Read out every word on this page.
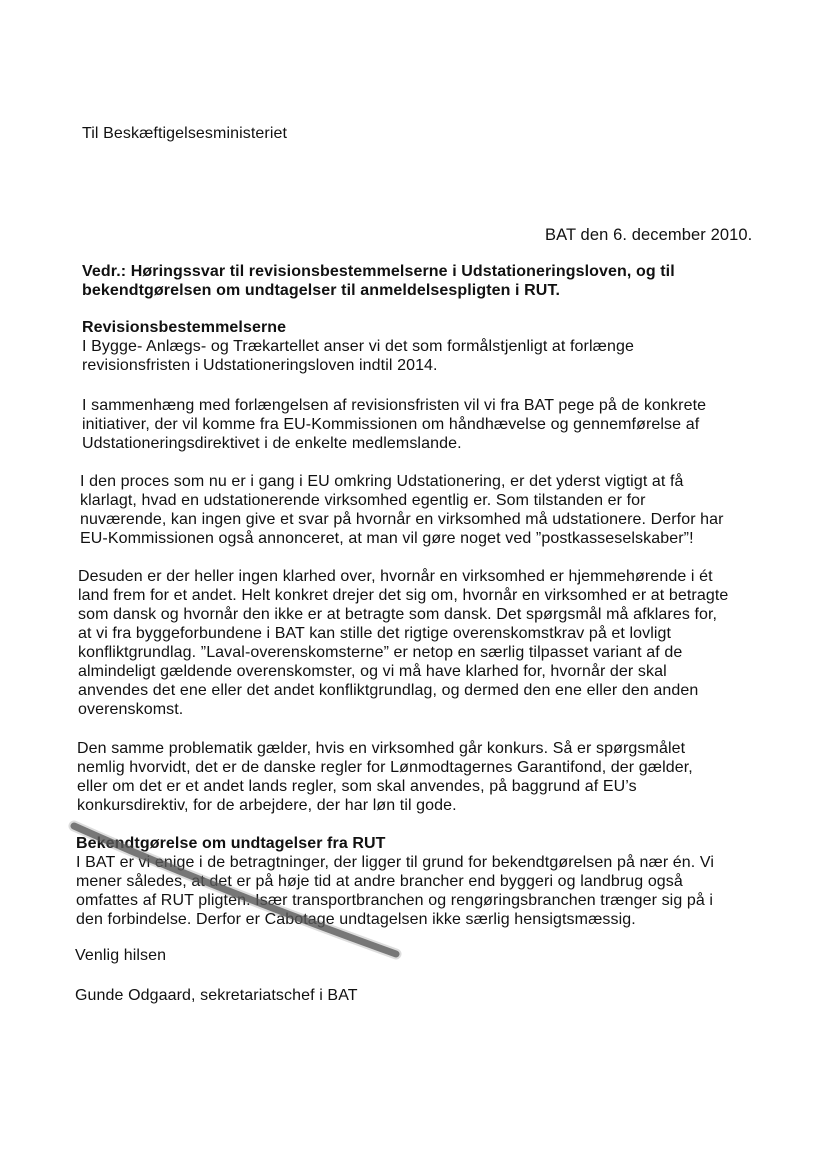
Til Beskæftigelsesministeriet
BAT den 6. december 2010.
Vedr.: Høringssvar til revisionsbestemmelserne i Udstationeringsloven, og til
bekendtgørelsen om undtagelser til anmeldelsespligten i RUT.
Revisionsbestemmelserne
I Bygge- Anlægs- og Trækartellet anser vi det som formålstjenligt at forlænge
revisionsfristen i Udstationeringsloven indtil 2014.
I sammenhæng med forlængelsen af revisionsfristen vil vi fra BAT pege på de konkrete
initiativer, der vil komme fra EU-Kommissionen om håndhævelse og gennemførelse af
Udstationeringsdirektivet i de enkelte medlemslande.
I den proces som nu er i gang i EU omkring Udstationering, er det yderst vigtigt at få
klarlagt, hvad en udstationerende virksomhed egentlig er. Som tilstanden er for
nuværende, kan ingen give et svar på hvornår en virksomhed må udstationere. Derfor har
EU-Kommissionen også annonceret, at man vil gøre noget ved ”postkasseselskaber”!
Desuden er der heller ingen klarhed over, hvornår en virksomhed er hjemmehørende i ét
land frem for et andet. Helt konkret drejer det sig om, hvornår en virksomhed er at betragte
som dansk og hvornår den ikke er at betragte som dansk. Det spørgsmål må afklares for,
at vi fra byggeforbundene i BAT kan stille det rigtige overenskomstkrav på et lovligt
konfliktgrundlag. ”Laval-overenskomsterne” er netop en særlig tilpasset variant af de
almindeligt gældende overenskomster, og vi må have klarhed for, hvornår der skal
anvendes det ene eller det andet konfliktgrundlag, og dermed den ene eller den anden
overenskomst.
Den samme problematik gælder, hvis en virksomhed går konkurs. Så er spørgsmålet
nemlig hvorvidt, det er de danske regler for Lønmodtagernes Garantifond, der gælder,
eller om det er et andet lands regler, som skal anvendes, på baggrund af EU’s
konkursdirektiv, for de arbejdere, der har løn til gode.
Bekendtgørelse om undtagelser fra RUT
I BAT er vi enige i de betragtninger, der ligger til grund for bekendtgørelsen på nær én. Vi
mener således, at det er på høje tid at andre brancher end byggeri og landbrug også
omfattes af RUT pligten. Især transportbranchen og rengøringsbranchen trænger sig på i
den forbindelse. Derfor er Cabotage undtagelsen ikke særlig hensigtsmæssig.
Venlig hilsen
Gunde Odgaard, sekretariatschef i BAT
